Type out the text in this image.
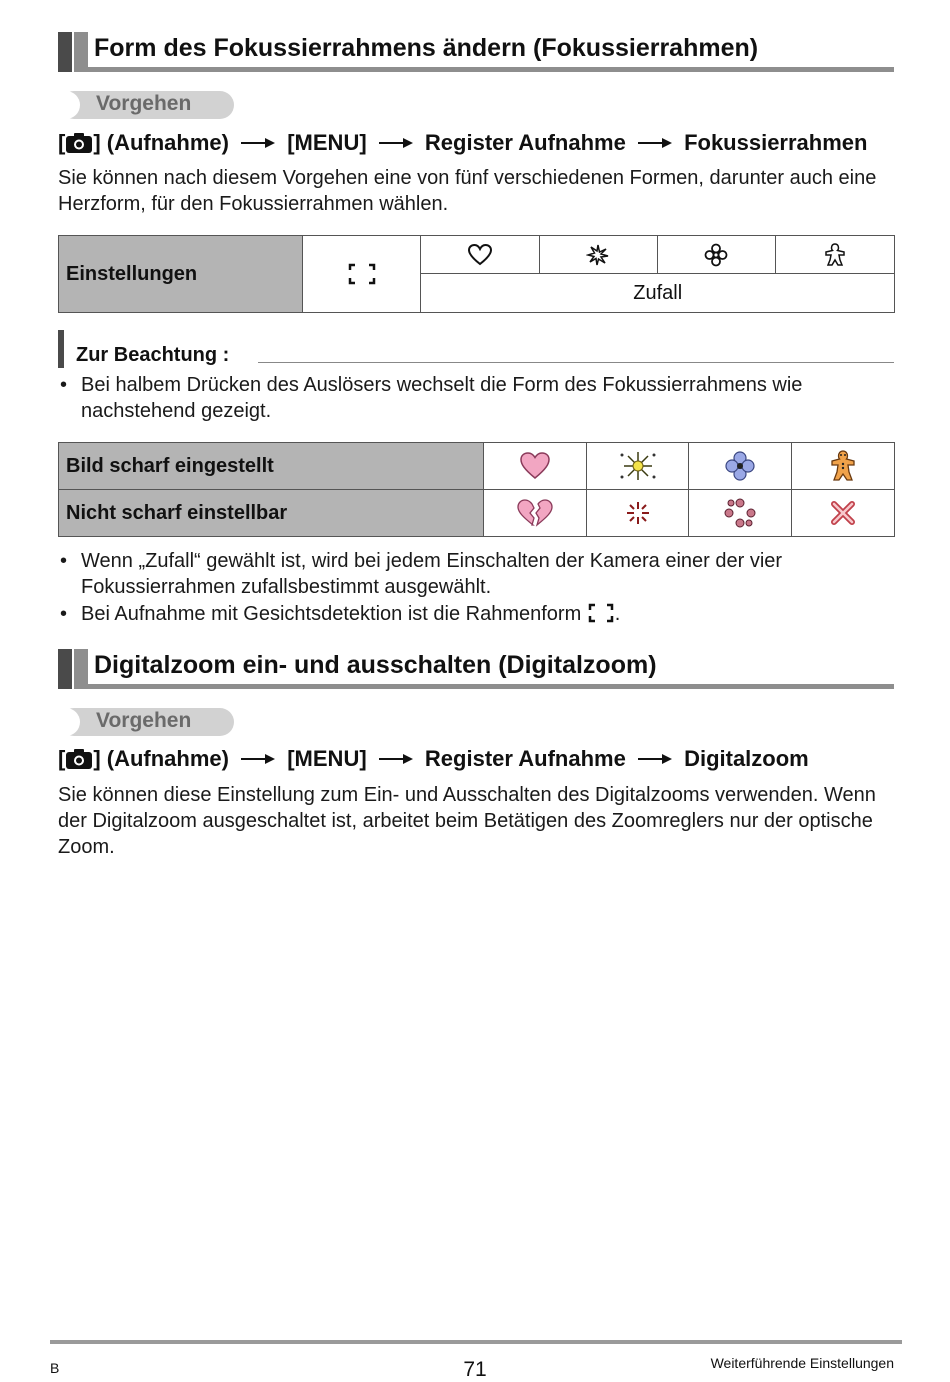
Form des Fokussierrahmens ändern (Fokussierrahmen)
Vorgehen
[ ] (Aufnahme)	[MENU]	Register Aufnahme	Fokussierrahmen
Sie können nach diesem Vorgehen eine von fünf verschiedenen Formen, darunter auch eine Herzform, für den Fokussierrahmen wählen.
Einstellungen	

Zufall
Zur Beachtung :
• Bei halbem Drücken des Auslösers wechselt die Form des Fokussierrahmens wie nachstehend gezeigt.
Bild scharf eingestellt	

Nicht scharf einstellbar	

• Wenn „Zufall“ gewählt ist, wird bei jedem Einschalten der Kamera einer der vier Fokussierrahmen zufallsbestimmt ausgewählt.
• Bei Aufnahme mit Gesichtsdetektion ist die Rahmenform .
Digitalzoom ein- und ausschalten (Digitalzoom)
Vorgehen
[ ] (Aufnahme)	[MENU]	Register Aufnahme	Digitalzoom
Sie können diese Einstellung zum Ein- und Ausschalten des Digitalzooms verwenden. Wenn der Digitalzoom ausgeschaltet ist, arbeitet beim Betätigen des Zoomreglers nur der optische Zoom.
B	71	Weiterführende Einstellungen
